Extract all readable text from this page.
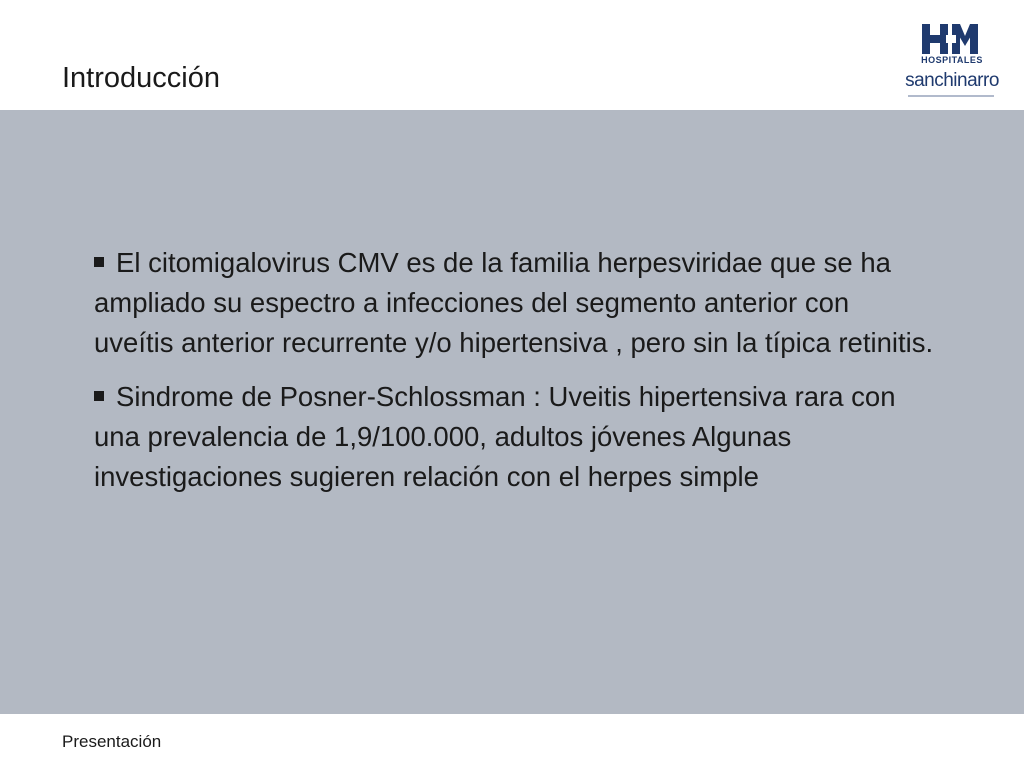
Introducción
HOSPITALES
sanchinarro
El citomigalovirus CMV es de la familia herpesviridae que se ha ampliado su espectro a infecciones del segmento anterior con uveítis anterior recurrente y/o hipertensiva , pero sin la típica retinitis.
Sindrome de Posner-Schlossman : Uveitis hipertensiva rara con una prevalencia de 1,9/100.000, adultos jóvenes Algunas investigaciones sugieren relación con el herpes simple
Presentación
